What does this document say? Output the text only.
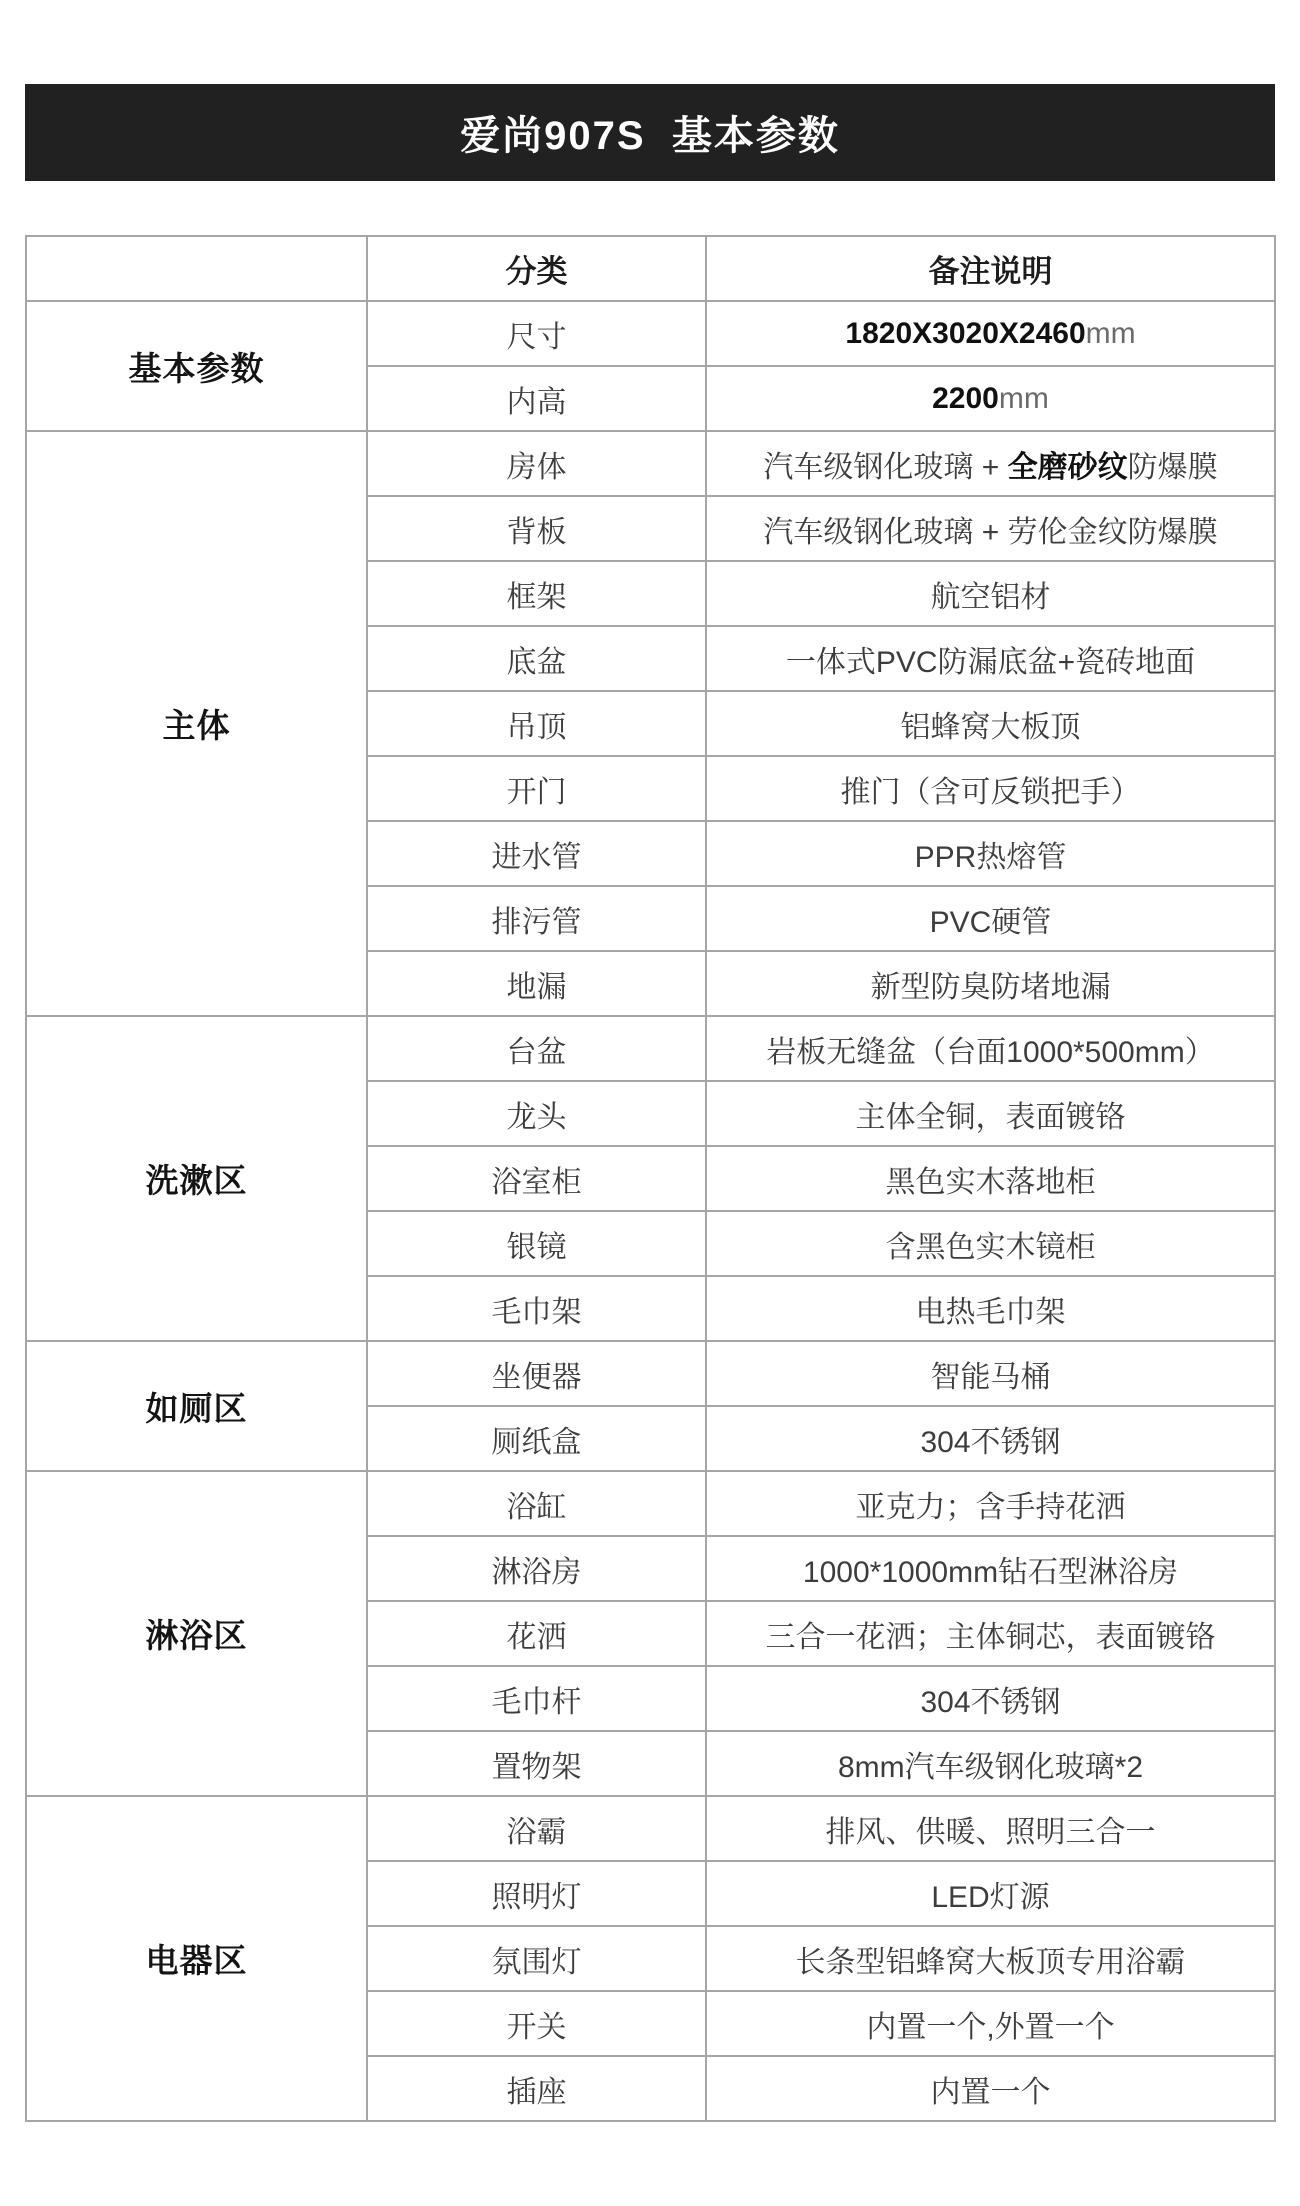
爱尚907S  基本参数
	分类	备注说明
基本参数	尺寸	1820X3020X2460mm
	内高	2200mm
主体	房体	汽车级钢化玻璃 + 全磨砂纹防爆膜
	背板	汽车级钢化玻璃 + 劳伦金纹防爆膜
	框架	航空铝材
	底盆	一体式PVC防漏底盆+瓷砖地面
	吊顶	铝蜂窝大板顶
	开门	推门（含可反锁把手）
	进水管	PPR热熔管
	排污管	PVC硬管
	地漏	新型防臭防堵地漏
洗漱区	台盆	岩板无缝盆（台面1000*500mm）
	龙头	主体全铜，表面镀铬
	浴室柜	黑色实木落地柜
	银镜	含黑色实木镜柜
	毛巾架	电热毛巾架
如厕区	坐便器	智能马桶
	厕纸盒	304不锈钢
淋浴区	浴缸	亚克力；含手持花洒
	淋浴房	1000*1000mm钻石型淋浴房
	花洒	三合一花洒；主体铜芯，表面镀铬
	毛巾杆	304不锈钢
	置物架	8mm汽车级钢化玻璃*2
电器区	浴霸	排风、供暖、照明三合一
	照明灯	LED灯源
	氛围灯	长条型铝蜂窝大板顶专用浴霸
	开关	内置一个,外置一个
	插座	内置一个
